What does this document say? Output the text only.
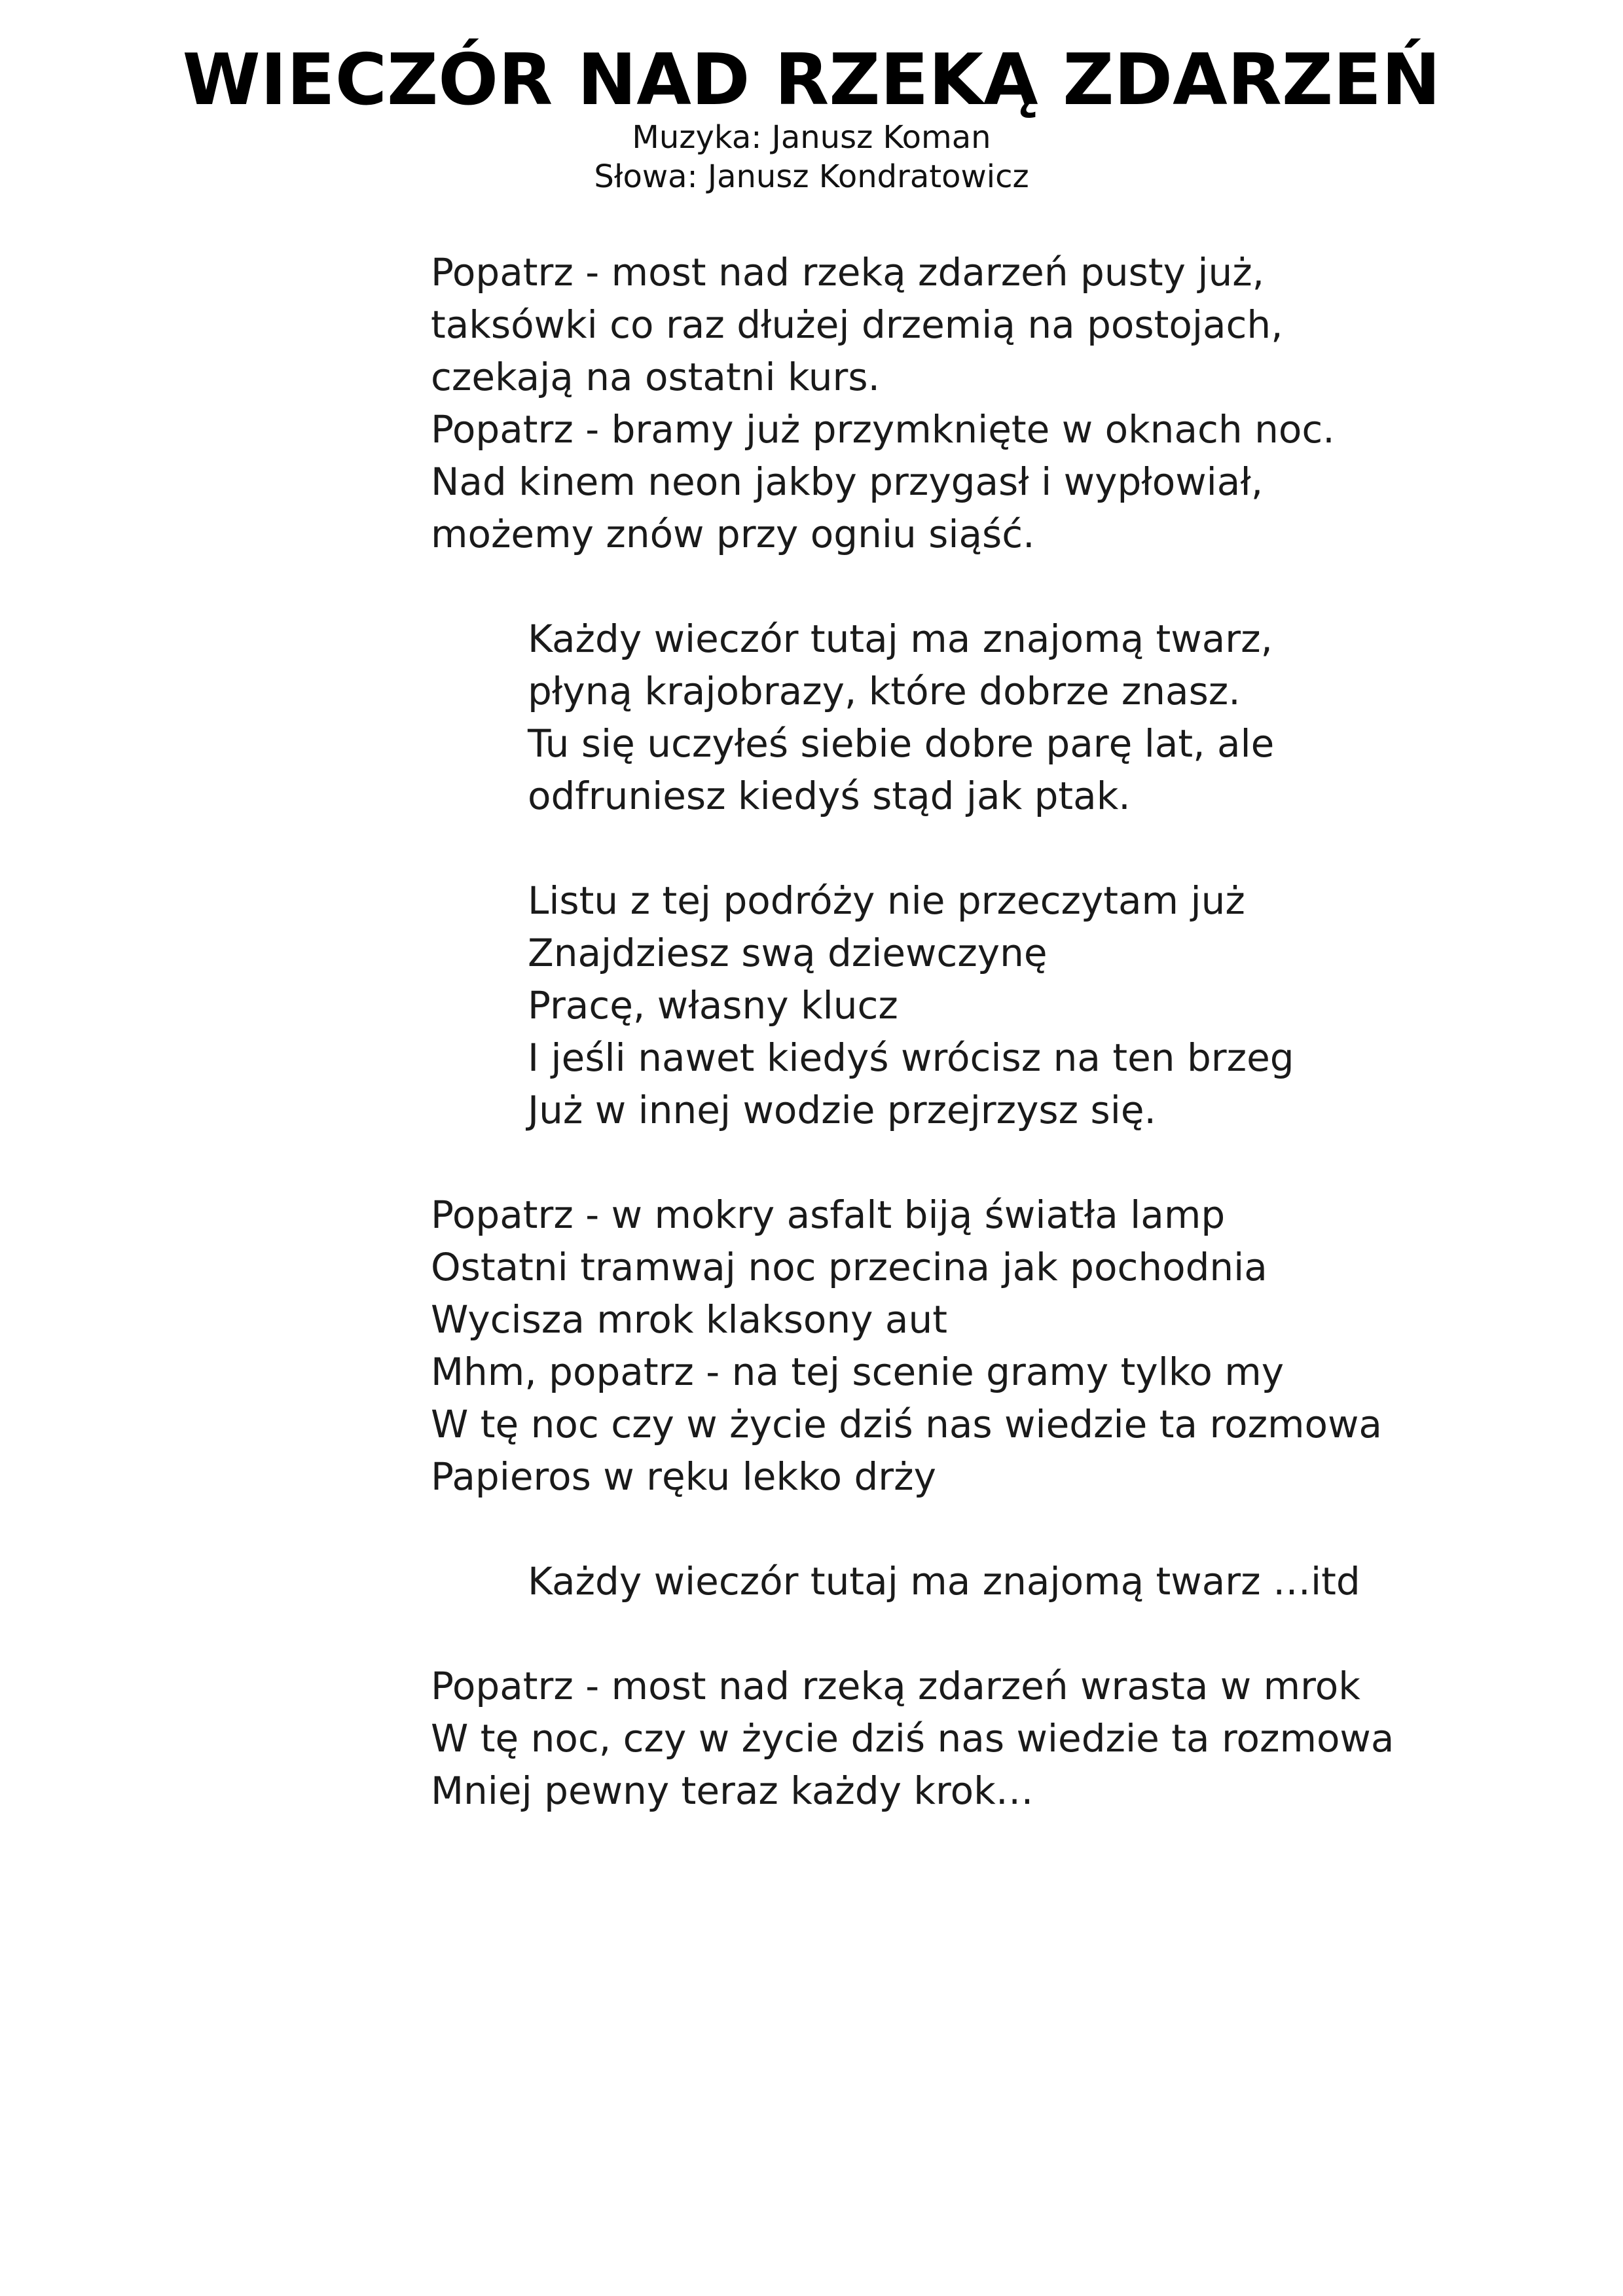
WIECZÓR NAD RZEKĄ ZDARZEŃ

Muzyka: Janusz Koman

Słowa: Janusz Kondratowicz

Popatrz - most nad rzeką zdarzeń pusty już,
taksówki co raz dłużej drzemią na postojach,
czekają na ostatni kurs.
Popatrz - bramy już przymknięte w oknach noc.
Nad kinem neon jakby przygasł i wypłowiał,
możemy znów przy ogniu siąść.
Każdy wieczór tutaj ma znajomą twarz,
płyną krajobrazy, które dobrze znasz.
Tu się uczyłeś siebie dobre parę lat, ale
odfruniesz kiedyś stąd jak ptak.
Listu z tej podróży nie przeczytam już
Znajdziesz swą dziewczynę
Pracę, własny klucz
I jeśli nawet kiedyś wrócisz na ten brzeg
Już w innej wodzie przejrzysz się.
Popatrz - w mokry asfalt biją światła lamp
Ostatni tramwaj noc przecina jak pochodnia
Wycisza mrok klaksony aut
Mhm, popatrz - na tej scenie gramy tylko my
W tę noc czy w życie dziś nas wiedzie ta rozmowa
Papieros w ręku lekko drży
Każdy wieczór tutaj ma znajomą twarz …itd
Popatrz - most nad rzeką zdarzeń wrasta w mrok
W tę noc, czy w życie dziś nas wiedzie ta rozmowa
Mniej pewny teraz każdy krok…
